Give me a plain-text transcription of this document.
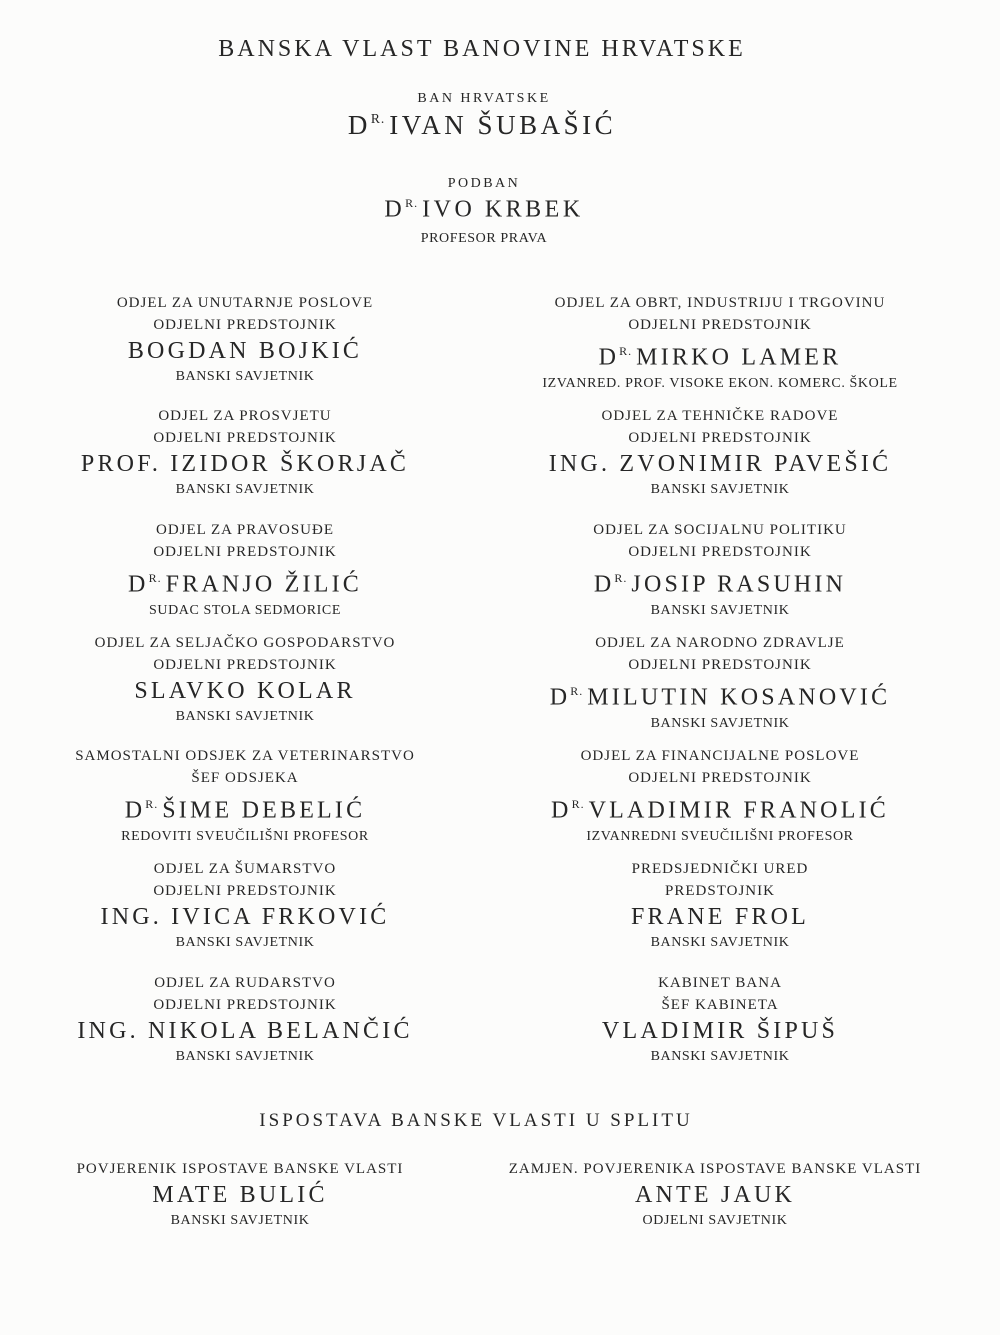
BANSKA VLAST BANOVINE HRVATSKE
BAN HRVATSKE
$D^{R.}$ IVAN ŠUBAŠIĆ
PODBAN
$D^{R.}$ IVO KRBEK
PROFESOR PRAVA
ODJEL ZA UNUTARNJE POSLOVE
ODJELNI PREDSTOJNIK
BOGDAN BOJKIĆ
BANSKI SAVJETNIK
ODJEL ZA PROSVJETU
ODJELNI PREDSTOJNIK
PROF. IZIDOR ŠKORJAČ
BANSKI SAVJETNIK
ODJEL ZA PRAVOSUĐE
ODJELNI PREDSTOJNIK
$D^{R.}$ FRANJO ŽILIĆ
SUDAC STOLA SEDMORICE
ODJEL ZA SELJAČKO GOSPODARSTVO
ODJELNI PREDSTOJNIK
SLAVKO KOLAR
BANSKI SAVJETNIK
SAMOSTALNI ODSJEK ZA VETERINARSTVO
ŠEF ODSJEKA
$D^{R.}$ ŠIME DEBELIĆ
REDOVITI SVEUČILIŠNI PROFESOR
ODJEL ZA ŠUMARSTVO
ODJELNI PREDSTOJNIK
ING. IVICA FRKOVIĆ
BANSKI SAVJETNIK
ODJEL ZA RUDARSTVO
ODJELNI PREDSTOJNIK
ING. NIKOLA BELANČIĆ
BANSKI SAVJETNIK
ODJEL ZA OBRT, INDUSTRIJU I TRGOVINU
ODJELNI PREDSTOJNIK
$D^{R.}$ MIRKO LAMER
IZVANRED. PROF. VISOKE EKON. KOMERC. ŠKOLE
ODJEL ZA TEHNIČKE RADOVE
ODJELNI PREDSTOJNIK
ING. ZVONIMIR PAVEŠIĆ
BANSKI SAVJETNIK
ODJEL ZA SOCIJALNU POLITIKU
ODJELNI PREDSTOJNIK
$D^{R.}$ JOSIP RASUHIN
BANSKI SAVJETNIK
ODJEL ZA NARODNO ZDRAVLJE
ODJELNI PREDSTOJNIK
$D^{R.}$ MILUTIN KOSANOVIĆ
BANSKI SAVJETNIK
ODJEL ZA FINANCIJALNE POSLOVE
ODJELNI PREDSTOJNIK
$D^{R.}$ VLADIMIR FRANOLIĆ
IZVANREDNI SVEUČILIŠNI PROFESOR
PREDSJEDNIČKI URED
PREDSTOJNIK
FRANE FROL
BANSKI SAVJETNIK
KABINET BANA
ŠEF KABINETA
VLADIMIR ŠIPUŠ
BANSKI SAVJETNIK
ISPOSTAVA BANSKE VLASTI U SPLITU
POVJERENIK ISPOSTAVE BANSKE VLASTI
MATE BULIĆ
BANSKI SAVJETNIK
ZAMJEN. POVJERENIKA ISPOSTAVE BANSKE VLASTI
ANTE JAUK
ODJELNI SAVJETNIK
